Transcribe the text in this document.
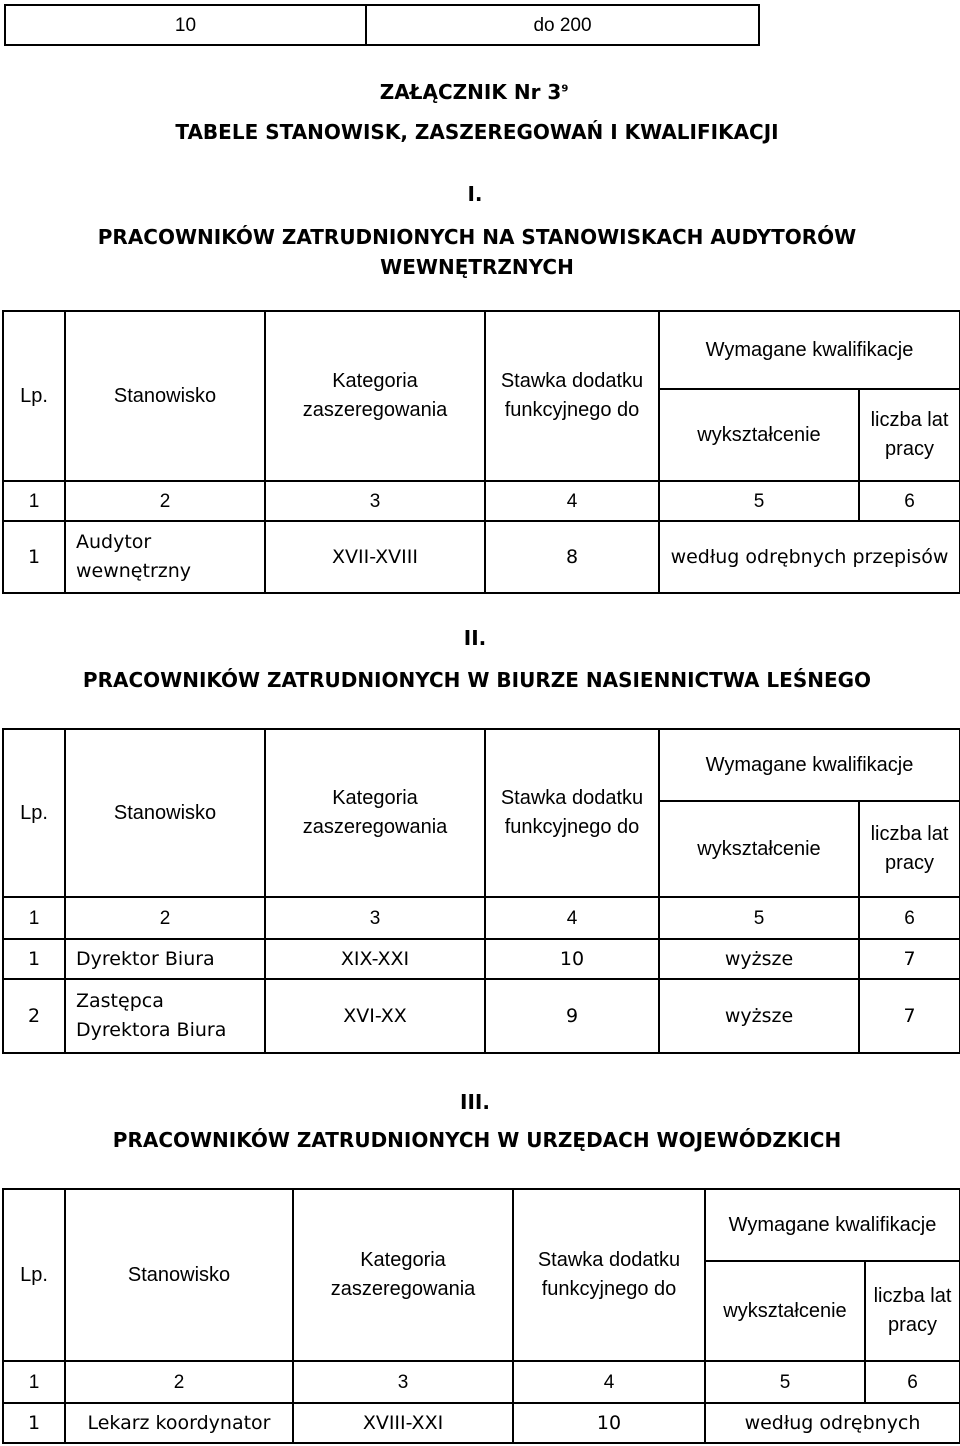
10	do 200
ZAŁĄCZNIK Nr $3^9$
TABELE STANOWISK, ZASZEREGOWAŃ I KWALIFIKACJI
I.
PRACOWNIKÓW ZATRUDNIONYCH NA STANOWISKACH AUDYTORÓW
WEWNĘTRZNYCH
Lp.	Stanowisko	Kategoria zaszeregowania	Stawka dodatku funkcyjnego do	Wymagane kwalifikacje	
				wykształcenie	liczba lat pracy
1	2	3	4	5	6
1	Audytor wewnętrzny	XVII-XVIII	8	według odrębnych przepisów	
II.
PRACOWNIKÓW ZATRUDNIONYCH W BIURZE NASIENNICTWA LEŚNEGO
Lp.	Stanowisko	Kategoria zaszeregowania	Stawka dodatku funkcyjnego do	Wymagane kwalifikacje	
				wykształcenie	liczba lat pracy
1	2	3	4	5	6
1	Dyrektor Biura	XIX-XXI	10	wyższe	7
2	Zastępca Dyrektora Biura	XVI-XX	9	wyższe	7
III.
PRACOWNIKÓW ZATRUDNIONYCH W URZĘDACH WOJEWÓDZKICH
Lp.	Stanowisko	Kategoria zaszeregowania	Stawka dodatku funkcyjnego do	Wymagane kwalifikacje	
				wykształcenie	liczba lat pracy
1	2	3	4	5	6
1	Lekarz koordynator	XVIII-XXI	10	według odrębnych	
